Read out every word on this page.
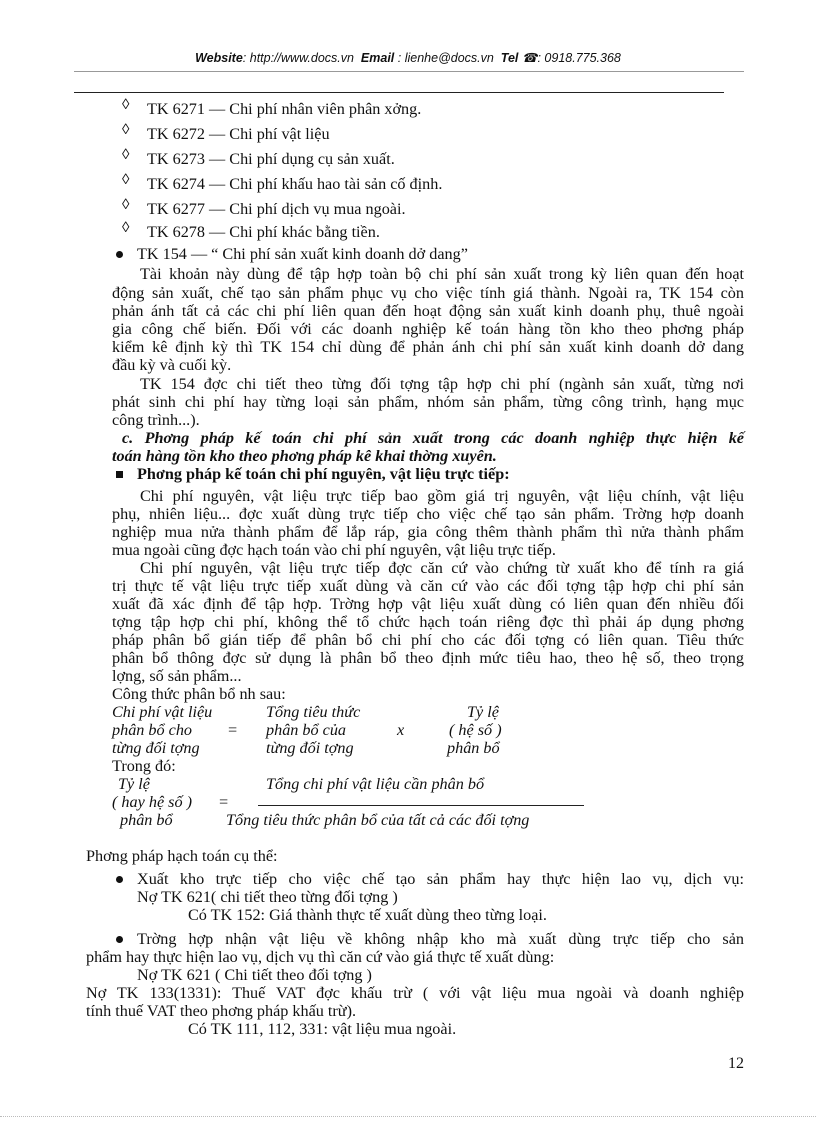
Website: http://www.docs.vn Email : lienhe@docs.vn Tel ☎: 0918.775.368
◊ TK 6271 — Chi phí nhân viên phân xởng.
◊ TK 6272 — Chi phí vật liệu
◊ TK 6273 — Chi phí dụng cụ sản xuất.
◊ TK 6274 — Chi phí khấu hao tài sản cố định.
◊ TK 6277 — Chi phí dịch vụ mua ngoài.
◊ TK 6278 — Chi phí khác bằng tiền.
TK 154 — “ Chi phí sản xuất kinh doanh dở dang”
Tài khoản này dùng để tập hợp toàn bộ chi phí sản xuất trong kỳ liên quan đến hoạt
động sản xuất, chế tạo sản phẩm phục vụ cho việc tính giá thành. Ngoài ra, TK 154 còn
phản ánh tất cả các chi phí liên quan đến hoạt động sản xuất kinh doanh phụ, thuê ngoài
gia công chế biến. Đối với các doanh nghiệp kế toán hàng tồn kho theo phơng pháp
kiểm kê định kỳ thì TK 154 chỉ dùng để phản ánh chi phí sản xuất kinh doanh dở dang
đầu kỳ và cuối kỳ.
TK 154 đợc chi tiết theo từng đối tợng tập hợp chi phí (ngành sản xuất, từng nơi
phát sinh chi phí hay từng loại sản phẩm, nhóm sản phẩm, từng công trình, hạng mục
công trình...).
c. Phơng pháp kế toán chi phí sản xuất trong các doanh nghiệp thực hiện kế
toán hàng tồn kho theo phơng pháp kê khai thờng xuyên.
Phơng pháp kế toán chi phí nguyên, vật liệu trực tiếp:
Chi phí nguyên, vật liệu trực tiếp bao gồm giá trị nguyên, vật liệu chính, vật liệu
phụ, nhiên liệu... đợc xuất dùng trực tiếp cho việc chế tạo sản phẩm. Trờng hợp doanh
nghiệp mua nửa thành phẩm để lắp ráp, gia công thêm thành phẩm thì nửa thành phẩm
mua ngoài cũng đợc hạch toán vào chi phí nguyên, vật liệu trực tiếp.
Chi phí nguyên, vật liệu trực tiếp đợc căn cứ vào chứng từ xuất kho để tính ra giá
trị thực tế vật liệu trực tiếp xuất dùng và căn cứ vào các đối tợng tập hợp chi phí sản
xuất đã xác định để tập hợp. Trờng hợp vật liệu xuất dùng có liên quan đến nhiều đối
tợng tập hợp chi phí, không thể tổ chức hạch toán riêng đợc thì phải áp dụng phơng
pháp phân bổ gián tiếp để phân bổ chi phí cho các đối tợng có liên quan. Tiêu thức
phân bổ thông đợc sử dụng là phân bổ theo định mức tiêu hao, theo hệ số, theo trọng
lợng, số sản phẩm...
Công thức phân bổ nh sau:
Chi phí vật liệu
phân bổ cho
từng đối tợng
=
Tổng tiêu thức
phân bổ của
từng đối tợng
x
Tỷ lệ
( hệ số )
phân bổ
Trong đó:
Tỷ lệ
( hay hệ số )
phân bổ
=
Tổng chi phí vật liệu cần phân bổ
Tổng tiêu thức phân bổ của tất cả các đối tợng
Phơng pháp hạch toán cụ thể:
Xuất kho trực tiếp cho việc chế tạo sản phẩm hay thực hiện lao vụ, dịch vụ:
Nợ TK 621( chi tiết theo từng đối tợng )
Có TK 152: Giá thành thực tế xuất dùng theo từng loại.
Trờng hợp nhận vật liệu về không nhập kho mà xuất dùng trực tiếp cho sản
phẩm hay thực hiện lao vụ, dịch vụ thì căn cứ vào giá thực tế xuất dùng:
Nợ TK 621 ( Chi tiết theo đối tợng )
Nợ TK 133(1331): Thuế VAT đợc khấu trừ ( với vật liệu mua ngoài và doanh nghiệp
tính thuế VAT theo phơng pháp khấu trừ).
Có TK 111, 112, 331: vật liệu mua ngoài.
12
